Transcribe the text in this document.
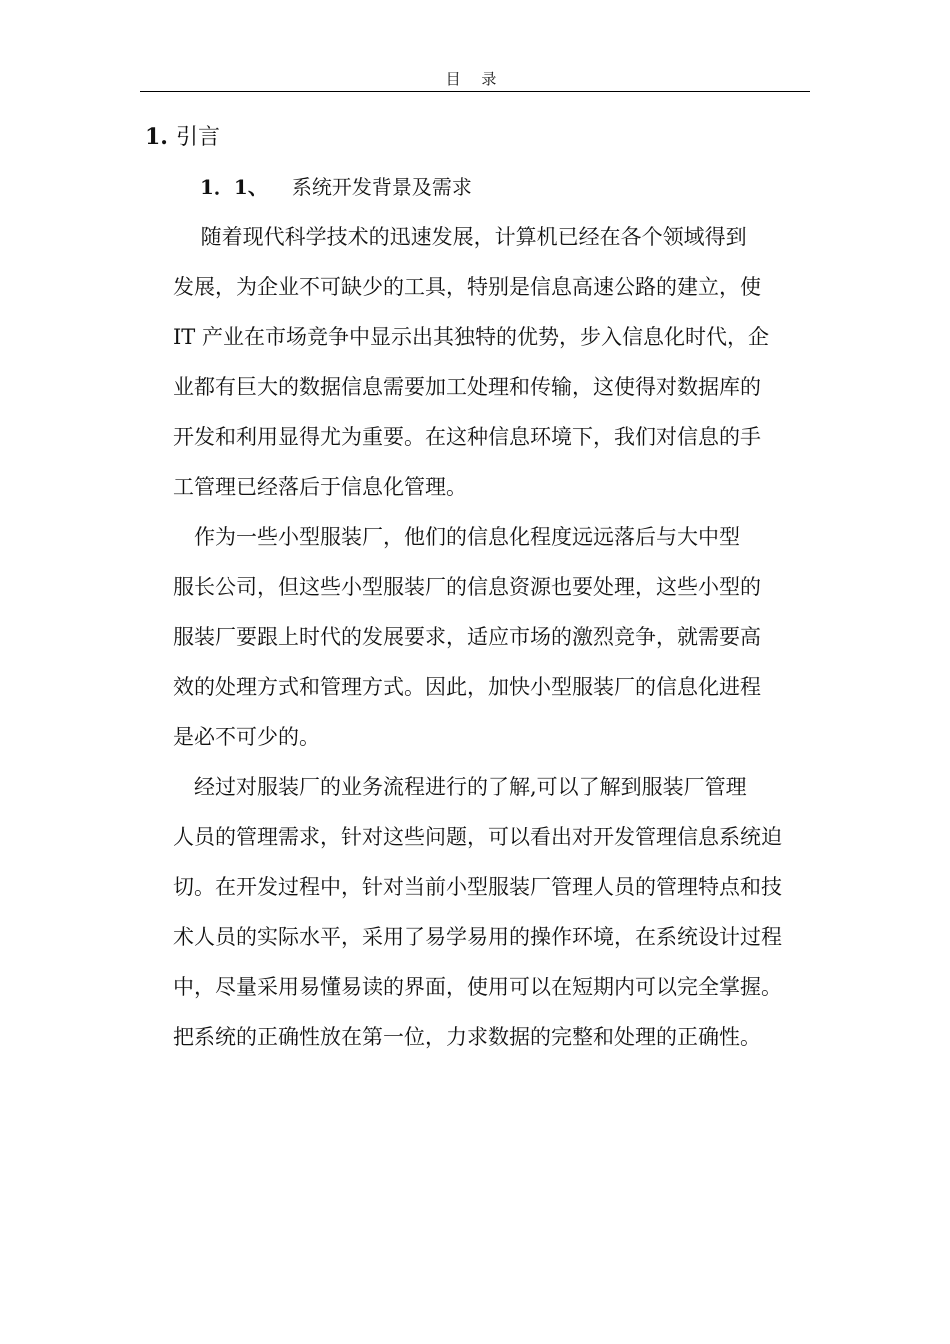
目 录
1. 引言
1．1、 系统开发背景及需求

　 随着现代科学技术的迅速发展，计算机已经在各个领域得到
发展，为企业不可缺少的工具，特别是信息高速公路的建立，使
IT 产业在市场竞争中显示出其独特的优势，步入信息化时代，企
业都有巨大的数据信息需要加工处理和传输，这使得对数据库的
开发和利用显得尤为重要。在这种信息环境下，我们对信息的手
工管理已经落后于信息化管理。

　作为一些小型服装厂，他们的信息化程度远远落后与大中型
服长公司，但这些小型服装厂的信息资源也要处理，这些小型的
服装厂要跟上时代的发展要求，适应市场的激烈竞争，就需要高
效的处理方式和管理方式。因此，加快小型服装厂的信息化进程
是必不可少的。

　经过对服装厂的业务流程进行的了解,可以了解到服装厂管理
人员的管理需求，针对这些问题，可以看出对开发管理信息系统迫
切。在开发过程中，针对当前小型服装厂管理人员的管理特点和技
术人员的实际水平，采用了易学易用的操作环境，在系统设计过程
中，尽量采用易懂易读的界面，使用可以在短期内可以完全掌握。
把系统的正确性放在第一位，力求数据的完整和处理的正确性。
